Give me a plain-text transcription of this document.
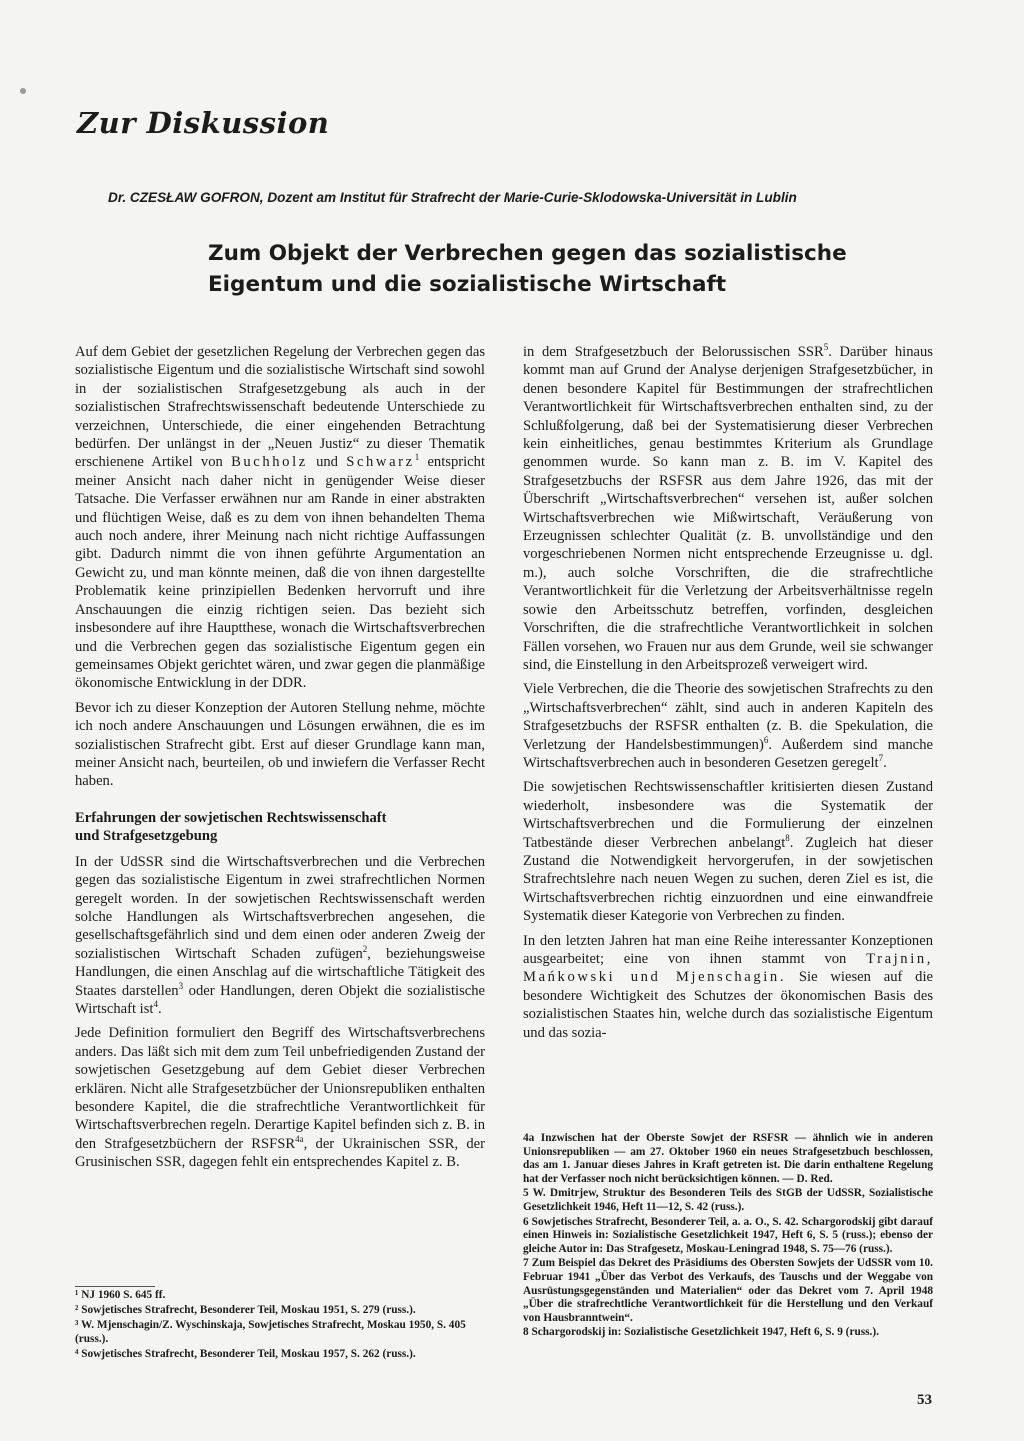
Zur Diskussion
Dr. CZESŁAW GOFRON, Dozent am Institut für Strafrecht der Marie-Curie-Sklodowska-Universität in Lublin
Zum Objekt der Verbrechen gegen das sozialistische
Eigentum und die sozialistische Wirtschaft

Auf dem Gebiet der gesetzlichen Regelung der Verbrechen gegen das sozialistische Eigentum und die sozialistische Wirtschaft sind sowohl in der sozialistischen Strafgesetzgebung als auch in der sozialistischen Strafrechtswissenschaft bedeutende Unterschiede zu verzeichnen, Unterschiede, die einer eingehenden Betrachtung bedürfen. Der unlängst in der „Neuen Justiz“ zu dieser Thematik erschienene Artikel von Buchholz und Schwarz$^1$ entspricht meiner Ansicht nach daher nicht in genügender Weise dieser Tatsache. Die Verfasser erwähnen nur am Rande in einer abstrakten und flüchtigen Weise, daß es zu dem von ihnen behandelten Thema auch noch andere, ihrer Meinung nach nicht richtige Auffassungen gibt. Dadurch nimmt die von ihnen geführte Argumentation an Gewicht zu, und man könnte meinen, daß die von ihnen dargestellte Problematik keine prinzipiellen Bedenken hervorruft und ihre Anschauungen die einzig richtigen seien. Das bezieht sich insbesondere auf ihre Hauptthese, wonach die Wirtschaftsverbrechen und die Verbrechen gegen das sozialistische Eigentum gegen ein gemeinsames Objekt gerichtet wären, und zwar gegen die planmäßige ökonomische Entwicklung in der DDR.

Bevor ich zu dieser Konzeption der Autoren Stellung nehme, möchte ich noch andere Anschauungen und Lösungen erwähnen, die es im sozialistischen Strafrecht gibt. Erst auf dieser Grundlage kann man, meiner Ansicht nach, beurteilen, ob und inwiefern die Verfasser Recht haben.

Erfahrungen der sowjetischen Rechtswissenschaft
und Strafgesetzgebung

In der UdSSR sind die Wirtschaftsverbrechen und die Verbrechen gegen das sozialistische Eigentum in zwei strafrechtlichen Normen geregelt worden. In der sowjetischen Rechtswissenschaft werden solche Handlungen als Wirtschaftsverbrechen angesehen, die gesellschaftsgefährlich sind und dem einen oder anderen Zweig der sozialistischen Wirtschaft Schaden zufügen$^2$, beziehungsweise Handlungen, die einen Anschlag auf die wirtschaftliche Tätigkeit des Staates darstellen$^3$ oder Handlungen, deren Objekt die sozialistische Wirtschaft ist$^4$.

Jede Definition formuliert den Begriff des Wirtschaftsverbrechens anders. Das läßt sich mit dem zum Teil unbefriedigenden Zustand der sowjetischen Gesetzgebung auf dem Gebiet dieser Verbrechen erklären. Nicht alle Strafgesetzbücher der Unionsrepubliken enthalten besondere Kapitel, die die strafrechtliche Verantwortlichkeit für Wirtschaftsverbrechen regeln. Derartige Kapitel befinden sich z. B. in den Strafgesetzbüchern der $RSFSR^{4a}$, der Ukrainischen SSR, der Grusinischen SSR, dagegen fehlt ein entsprechendes Kapitel z. B.

in dem Strafgesetzbuch der Belorussischen SSR$^5$. Darüber hinaus kommt man auf Grund der Analyse derjenigen Strafgesetzbücher, in denen besondere Kapitel für Bestimmungen der strafrechtlichen Verantwortlichkeit für Wirtschaftsverbrechen enthalten sind, zu der Schlußfolgerung, daß bei der Systematisierung dieser Verbrechen kein einheitliches, genau bestimmtes Kriterium als Grundlage genommen wurde. So kann man z. B. im V. Kapitel des Strafgesetzbuchs der RSFSR aus dem Jahre 1926, das mit der Überschrift „Wirtschaftsverbrechen“ versehen ist, außer solchen Wirtschaftsverbrechen wie Mißwirtschaft, Veräußerung von Erzeugnissen schlechter Qualität (z. B. unvollständige und den vorgeschriebenen Normen nicht entsprechende Erzeugnisse u. dgl. m.), auch solche Vorschriften, die die strafrechtliche Verantwortlichkeit für die Verletzung der Arbeitsverhältnisse regeln sowie den Arbeitsschutz betreffen, vorfinden, desgleichen Vorschriften, die die strafrechtliche Verantwortlichkeit in solchen Fällen vorsehen, wo Frauen nur aus dem Grunde, weil sie schwanger sind, die Einstellung in den Arbeitsprozeß verweigert wird.

Viele Verbrechen, die die Theorie des sowjetischen Strafrechts zu den „Wirtschaftsverbrechen“ zählt, sind auch in anderen Kapiteln des Strafgesetzbuchs der RSFSR enthalten (z. B. die Spekulation, die Verletzung der Handelsbestimmungen)$^6$. Außerdem sind manche Wirtschaftsverbrechen auch in besonderen Gesetzen geregelt$^7$.

Die sowjetischen Rechtswissenschaftler kritisierten diesen Zustand wiederholt, insbesondere was die Systematik der Wirtschaftsverbrechen und die Formulierung der einzelnen Tatbestände dieser Verbrechen anbelangt$^8$. Zugleich hat dieser Zustand die Notwendigkeit hervorgerufen, in der sowjetischen Strafrechtslehre nach neuen Wegen zu suchen, deren Ziel es ist, die Wirtschaftsverbrechen richtig einzuordnen und eine einwandfreie Systematik dieser Kategorie von Verbrechen zu finden.

In den letzten Jahren hat man eine Reihe interessanter Konzeptionen ausgearbeitet; eine von ihnen stammt von Trajnin, Mańkowski und Mjenschagin. Sie wiesen auf die besondere Wichtigkeit des Schutzes der ökonomischen Basis des sozialistischen Staates hin, welche durch das sozialistische Eigentum und das sozia-

¹ NJ 1960 S. 645 ff.
² Sowjetisches Strafrecht, Besonderer Teil, Moskau 1951, S. 279 (russ.).
³ W. Mjenschagin/Z. Wyschinskaja, Sowjetisches Strafrecht, Moskau 1950, S. 405 (russ.).
⁴ Sowjetisches Strafrecht, Besonderer Teil, Moskau 1957, S. 262 (russ.).
4a Inzwischen hat der Oberste Sowjet der RSFSR — ähnlich wie in anderen Unionsrepubliken — am 27. Oktober 1960 ein neues Strafgesetzbuch beschlossen, das am 1. Januar dieses Jahres in Kraft getreten ist. Die darin enthaltene Regelung hat der Verfasser noch nicht berücksichtigen können. — D. Red.
5 W. Dmitrjew, Struktur des Besonderen Teils des StGB der UdSSR, Sozialistische Gesetzlichkeit 1946, Heft 11—12, S. 42 (russ.).
6 Sowjetisches Strafrecht, Besonderer Teil, a. a. O., S. 42. Schargorodskij gibt darauf einen Hinweis in: Sozialistische Gesetzlichkeit 1947, Heft 6, S. 5 (russ.); ebenso der gleiche Autor in: Das Strafgesetz, Moskau-Leningrad 1948, S. 75—76 (russ.).
7 Zum Beispiel das Dekret des Präsidiums des Obersten Sowjets der UdSSR vom 10. Februar 1941 „Über das Verbot des Verkaufs, des Tauschs und der Weggabe von Ausrüstungsgegenständen und Materialien“ oder das Dekret vom 7. April 1948 „Über die strafrechtliche Verantwortlichkeit für die Herstellung und den Verkauf von Hausbranntwein“.
8 Schargorodskij in: Sozialistische Gesetzlichkeit 1947, Heft 6, S. 9 (russ.).
53
